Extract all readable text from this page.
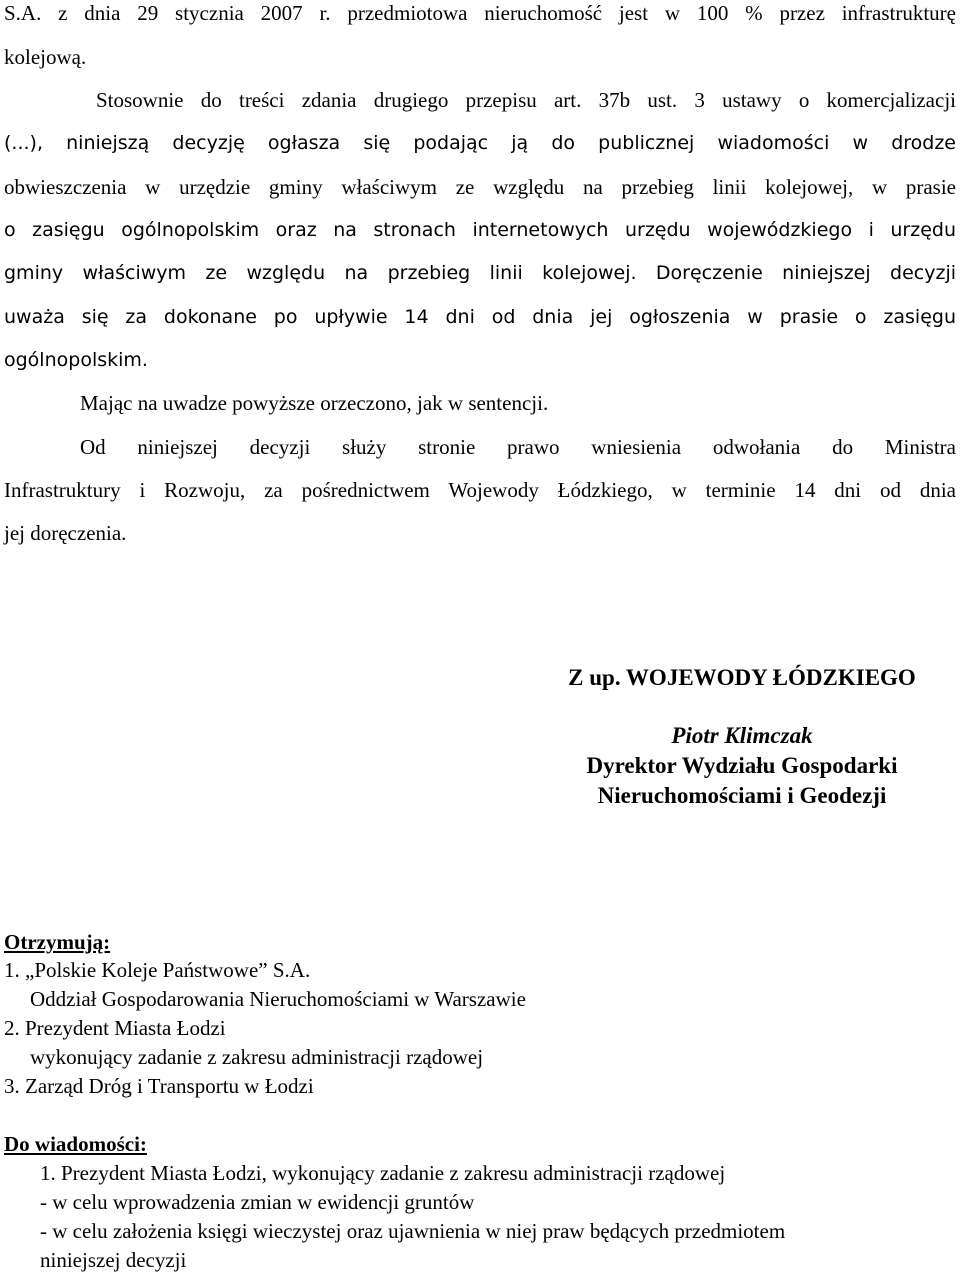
S.A. z dnia 29 stycznia 2007 r. przedmiotowa nieruchomość jest w 100 % przez infrastrukturę
kolejową.
Stosownie do treści zdania drugiego przepisu art. 37b ust. 3 ustawy o komercjalizacji
(...), niniejszą decyzję ogłasza się podając ją do publicznej wiadomości w drodze
obwieszczenia w urzędzie gminy właściwym ze względu na przebieg linii kolejowej, w prasie
o zasięgu ogólnopolskim oraz na stronach internetowych urzędu wojewódzkiego i urzędu
gminy właściwym ze względu na przebieg linii kolejowej. Doręczenie niniejszej decyzji
uważa się za dokonane po upływie 14 dni od dnia jej ogłoszenia w prasie o zasięgu
ogólnopolskim.
Mając na uwadze powyższe orzeczono, jak w sentencji.
Od niniejszej decyzji służy stronie prawo wniesienia odwołania do Ministra
Infrastruktury i Rozwoju, za pośrednictwem Wojewody Łódzkiego, w terminie 14 dni od dnia
jej doręczenia.
Z up. WOJEWODY ŁÓDZKIEGO
Piotr Klimczak
Dyrektor Wydziału Gospodarki
Nieruchomościami i Geodezji
Otrzymują:
1. „Polskie Koleje Państwowe” S.A.
Oddział Gospodarowania Nieruchomościami w Warszawie
2. Prezydent Miasta Łodzi
wykonujący zadanie z zakresu administracji rządowej
3. Zarząd Dróg i Transportu w Łodzi
Do wiadomości:
1. Prezydent Miasta Łodzi, wykonujący zadanie z zakresu administracji rządowej
- w celu wprowadzenia zmian w ewidencji gruntów
- w celu założenia księgi wieczystej oraz ujawnienia w niej praw będących przedmiotem
niniejszej decyzji
